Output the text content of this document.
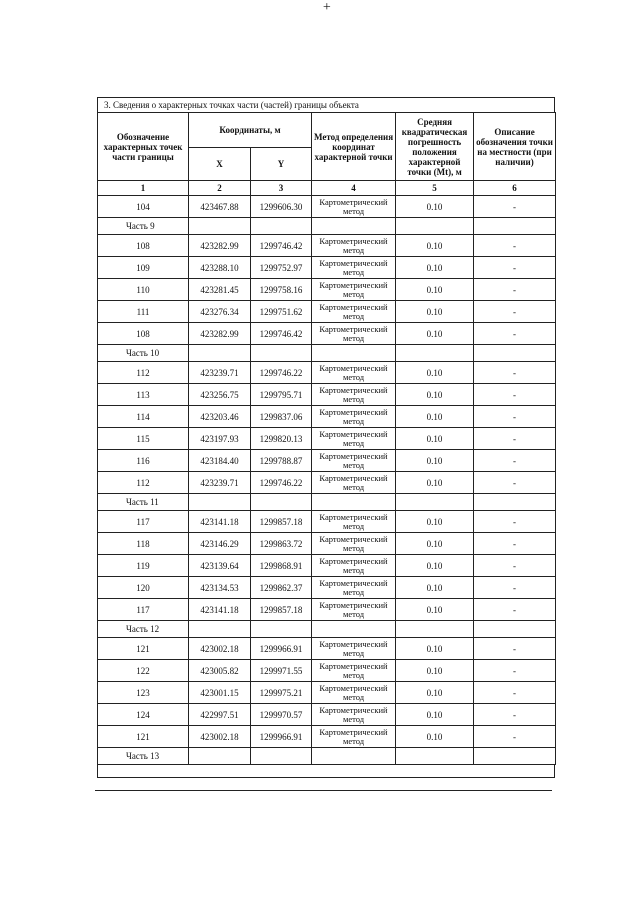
+
3. Сведения о характерных точках части (частей) границы объекта
Обозначение характерных точек части границы	Координаты, м		Метод определения координат характерной точки	Средняя квадратическая погрешность положения характерной точки (Mt), м	Описание обозначения точки на местности (при наличии)
	X	Y			
1	2	3	4	5	6
104	423467.88	1299606.30	Картометрический метод	0.10	-
Часть 9					
108	423282.99	1299746.42	Картометрический метод	0.10	-
109	423288.10	1299752.97	Картометрический метод	0.10	-
110	423281.45	1299758.16	Картометрический метод	0.10	-
111	423276.34	1299751.62	Картометрический метод	0.10	-
108	423282.99	1299746.42	Картометрический метод	0.10	-
Часть 10					
112	423239.71	1299746.22	Картометрический метод	0.10	-
113	423256.75	1299795.71	Картометрический метод	0.10	-
114	423203.46	1299837.06	Картометрический метод	0.10	-
115	423197.93	1299820.13	Картометрический метод	0.10	-
116	423184.40	1299788.87	Картометрический метод	0.10	-
112	423239.71	1299746.22	Картометрический метод	0.10	-
Часть 11					
117	423141.18	1299857.18	Картометрический метод	0.10	-
118	423146.29	1299863.72	Картометрический метод	0.10	-
119	423139.64	1299868.91	Картометрический метод	0.10	-
120	423134.53	1299862.37	Картометрический метод	0.10	-
117	423141.18	1299857.18	Картометрический метод	0.10	-
Часть 12					
121	423002.18	1299966.91	Картометрический метод	0.10	-
122	423005.82	1299971.55	Картометрический метод	0.10	-
123	423001.15	1299975.21	Картометрический метод	0.10	-
124	422997.51	1299970.57	Картометрический метод	0.10	-
121	423002.18	1299966.91	Картометрический метод	0.10	-
Часть 13					
